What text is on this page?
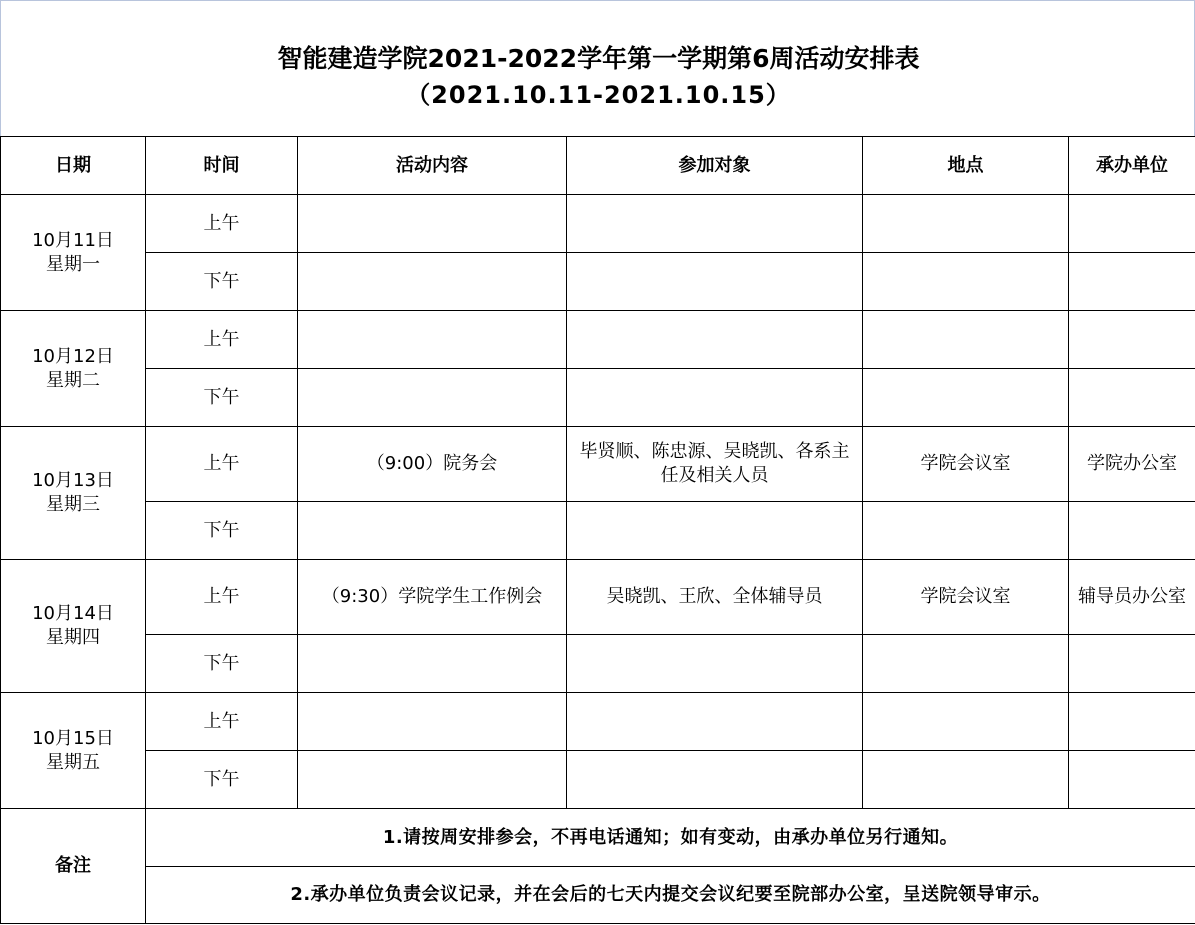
智能建造学院2021-2022学年第一学期第6周活动安排表
（2021.10.11-2021.10.15）
日期	时间	活动内容	参加对象	地点	承办单位
10月11日
星期一	上午				
	下午				
10月12日
星期二	上午				
	下午				
10月13日
星期三	上午	（9:00）院务会	毕贤顺、陈忠源、吴晓凯、各系主任及相关人员	学院会议室	学院办公室
	下午				
10月14日
星期四	上午	（9:30）学院学生工作例会	吴晓凯、王欣、全体辅导员	学院会议室	辅导员办公室
	下午				
10月15日
星期五	上午				
	下午				
备注	1.请按周安排参会，不再电话通知；如有变动，由承办单位另行通知。				
	2.承办单位负责会议记录，并在会后的七天内提交会议纪要至院部办公室，呈送院领导审示。				
